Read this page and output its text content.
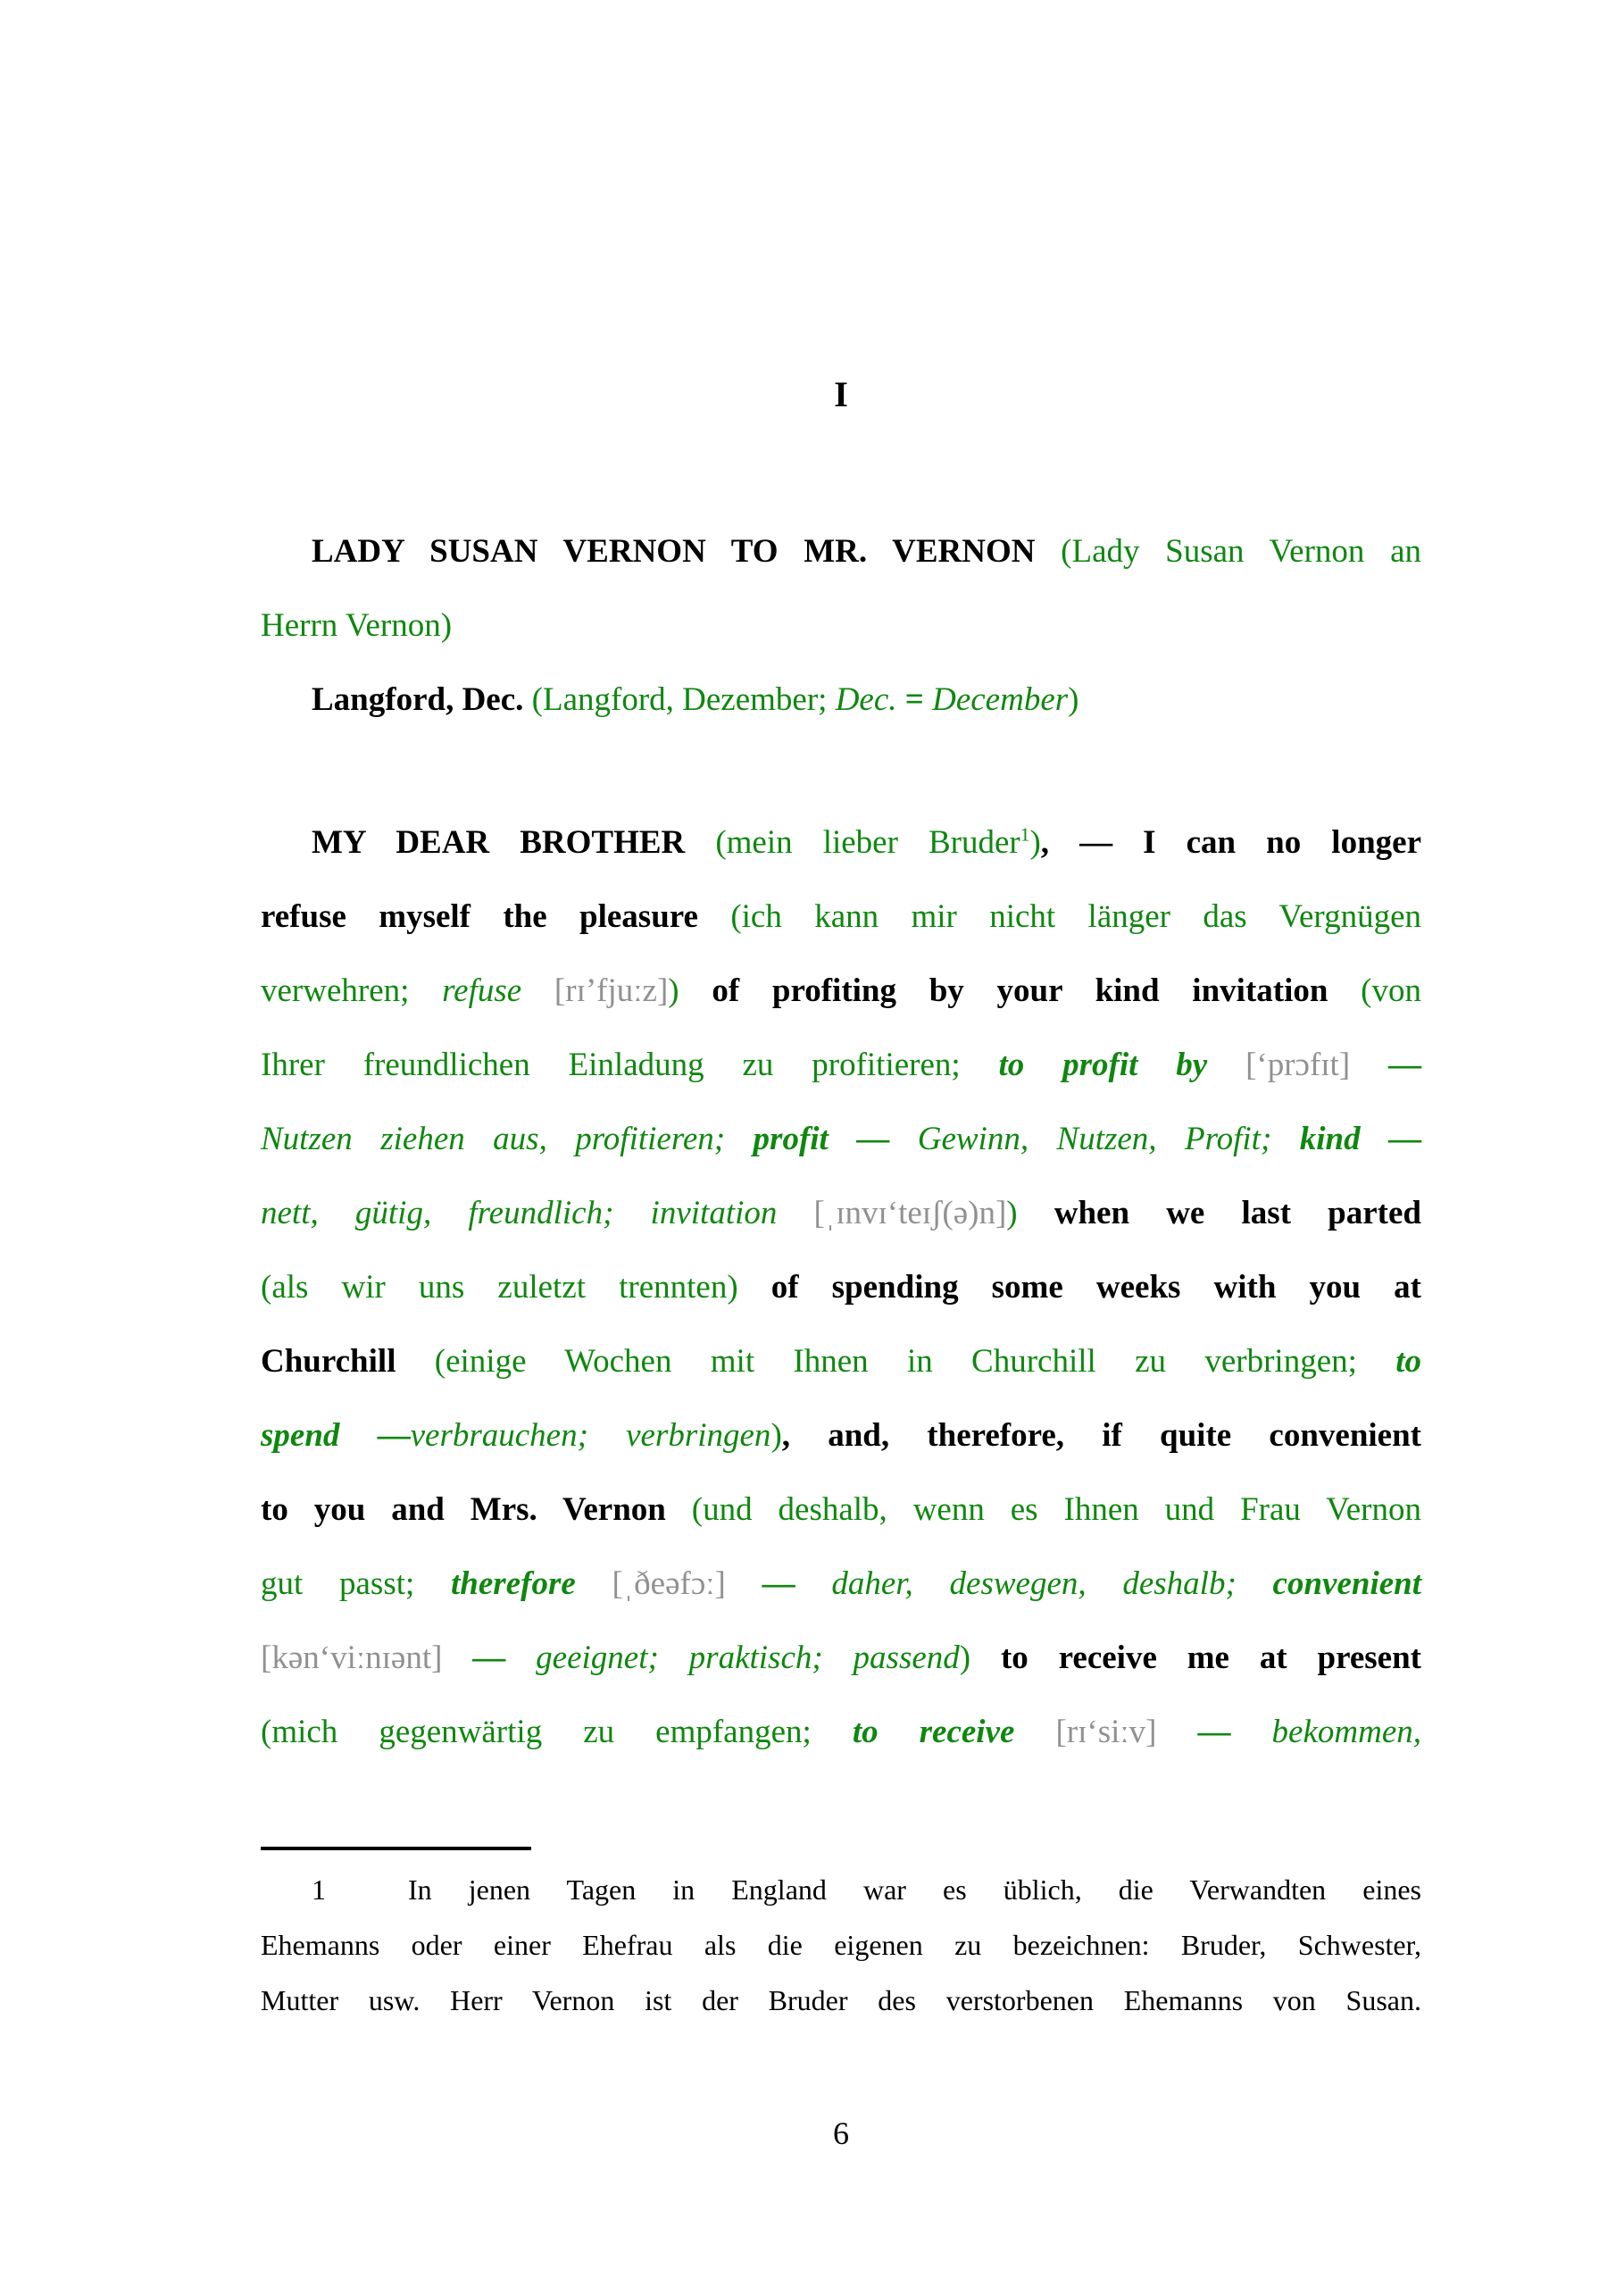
I
LADY SUSAN VERNON TO MR. VERNON (Lady Susan Vernon an
Herrn Vernon)
Langford, Dec. (Langford, Dezember; Dec. = December)
MY DEAR BROTHER (mein lieber Bruder$^1$), — I can no longer
refuse myself the pleasure (ich kann mir nicht länger das Vergnügen
verwehren; refuse [rɪ’fjuːz]) of profiting by your kind invitation (von
Ihrer freundlichen Einladung zu profitieren; to profit by [‘prɔfɪt] —
Nutzen ziehen aus, profitieren; profit — Gewinn, Nutzen, Profit; kind —
nett, gütig, freundlich; invitation [ˌɪnvɪ‘teɪʃ(ə)n]) when we last parted
(als wir uns zuletzt trennten) of spending some weeks with you at
Churchill (einige Wochen mit Ihnen in Churchill zu verbringen; to
spend —verbrauchen; verbringen), and, therefore, if quite convenient
to you and Mrs. Vernon (und deshalb, wenn es Ihnen und Frau Vernon
gut passt; therefore [ˌðeəfɔː] — daher, deswegen, deshalb; convenient
[kən‘viːnɪənt] — geeignet; praktisch; passend) to receive me at present
(mich gegenwärtig zu empfangen; to receive [rɪ‘siːv] — bekommen,
1	In jenen Tagen in England war es üblich, die Verwandten eines
Ehemanns oder einer Ehefrau als die eigenen zu bezeichnen: Bruder, Schwester,
Mutter usw. Herr Vernon ist der Bruder des verstorbenen Ehemanns von Susan.
6
